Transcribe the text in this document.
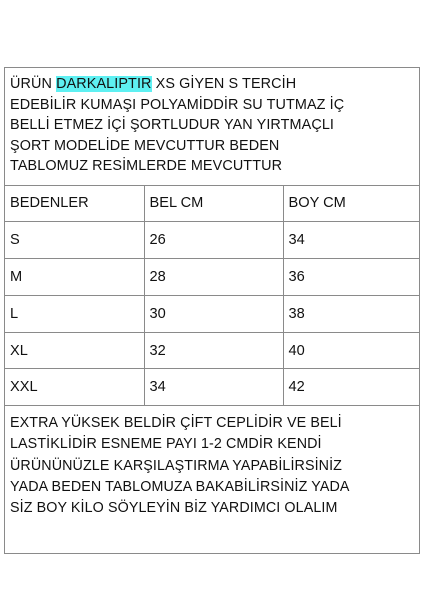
ÜRÜN DARKALIPTIR XS GİYEN S TERCİH
EDEBİLİR KUMAŞI POLYAMİDDİR SU TUTMAZ İÇ
BELLİ ETMEZ İÇİ ŞORTLUDUR YAN YIRTMAÇLI
ŞORT MODELİDE MEVCUTTUR BEDEN
TABLOMUZ RESİMLERDE MEVCUTTUR
BEDENLER	BEL CM	BOY CM
S	26	34
M	28	36
L	30	38
XL	32	40
XXL	34	42
EXTRA YÜKSEK BELDİR ÇİFT CEPLİDİR VE BELİ
LASTİKLİDİR ESNEME PAYI 1-2 CMDİR KENDİ
ÜRÜNÜNÜZLE KARŞILAŞTIRMA YAPABİLİRSİNİZ
YADA BEDEN TABLOMUZA BAKABİLİRSİNİZ YADA
SİZ BOY KİLO SÖYLEYİN BİZ YARDIMCI OLALIM
